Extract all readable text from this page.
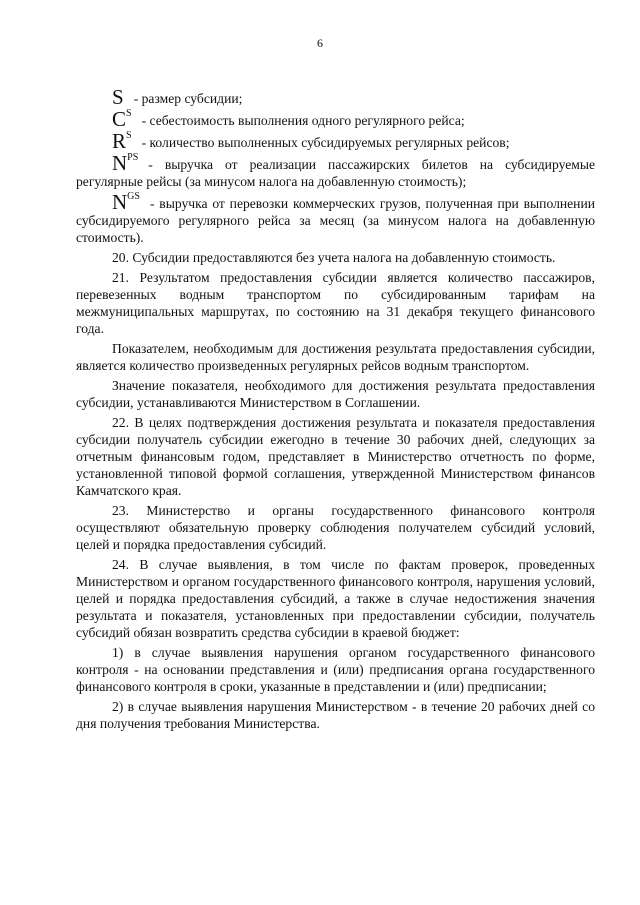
6

S - размер субсидии;

$C^S$ - себестоимость выполнения одного регулярного рейса;

$R^S$ - количество выполненных субсидируемых регулярных рейсов;

$N^{PS}$ - выручка от реализации пассажирских билетов на субсидируемые регулярные рейсы (за минусом налога на добавленную стоимость);

$N^{GS}$ - выручка от перевозки коммерческих грузов, полученная при выполнении субсидируемого регулярного рейса за месяц (за минусом налога на добавленную стоимость).

20. Субсидии предоставляются без учета налога на добавленную стоимость.

21. Результатом предоставления субсидии является количество пассажиров, перевезенных водным транспортом по субсидированным тарифам на межмуниципальных маршрутах, по состоянию на 31 декабря текущего финансового года.

Показателем, необходимым для достижения результата предоставления субсидии, является количество произведенных регулярных рейсов водным транспортом.

Значение показателя, необходимого для достижения результата предоставления субсидии, устанавливаются Министерством в Соглашении.

22. В целях подтверждения достижения результата и показателя предоставления субсидии получатель субсидии ежегодно в течение 30 рабочих дней, следующих за отчетным финансовым годом, представляет в Министерство отчетность по форме, установленной типовой формой соглашения, утвержденной Министерством финансов Камчатского края.

23. Министерство и органы государственного финансового контроля осуществляют обязательную проверку соблюдения получателем субсидий условий, целей и порядка предоставления субсидий.

24. В случае выявления, в том числе по фактам проверок, проведенных Министерством и органом государственного финансового контроля, нарушения условий, целей и порядка предоставления субсидий, а также в случае недостижения значения результата и показателя, установленных при предоставлении субсидии, получатель субсидий обязан возвратить средства субсидии в краевой бюджет:

1) в случае выявления нарушения органом государственного финансового контроля - на основании представления и (или) предписания органа государственного финансового контроля в сроки, указанные в представлении и (или) предписании;

2) в случае выявления нарушения Министерством - в течение 20 рабочих дней со дня получения требования Министерства.
